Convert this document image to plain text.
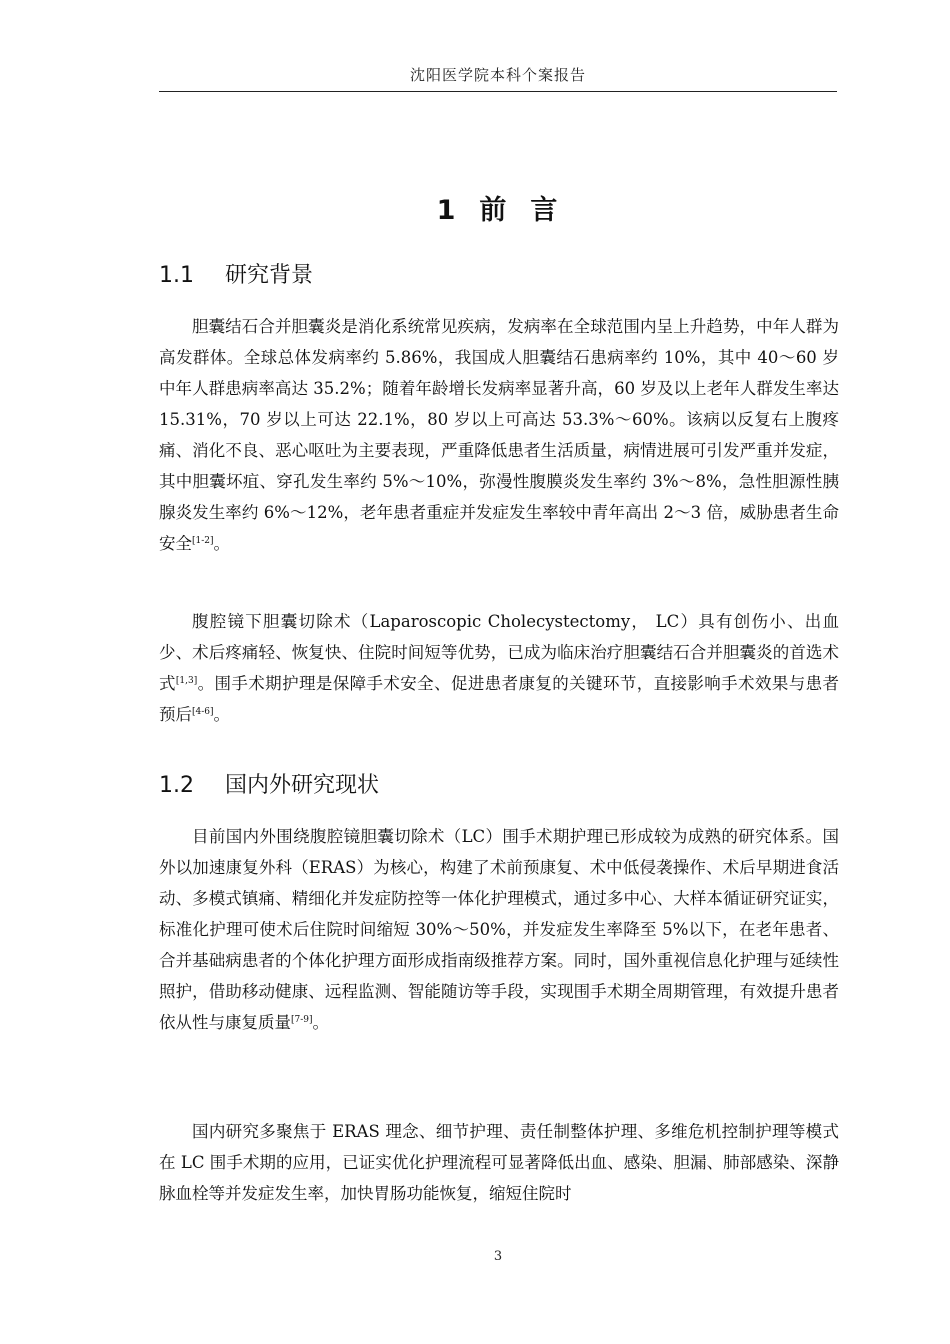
沈阳医学院本科个案报告
1 前 言
1.1 研究背景

胆囊结石合并胆囊炎是消化系统常见疾病，发病率在全球范围内呈上升趋势，中年人群为高发群体。全球总体发病率约 5.86%，我国成人胆囊结石患病率约 10%，其中 40～60 岁中年人群患病率高达 35.2%；随着年龄增长发病率显著升高，60 岁及以上老年人群发生率达 15.31%，70 岁以上可达 22.1%，80 岁以上可高达 53.3%～60%。该病以反复右上腹疼痛、消化不良、恶心呕吐为主要表现，严重降低患者生活质量，病情进展可引发严重并发症，其中胆囊坏疽、穿孔发生率约 5%～10%，弥漫性腹膜炎发生率约 3%～8%，急性胆源性胰腺炎发生率约 6%～12%，老年患者重症并发症发生率较中青年高出 2～3 倍，威胁患者生命安全[1-2]。

腹腔镜下胆囊切除术（Laparoscopic Cholecystectomy， LC）具有创伤小、出血少、术后疼痛轻、恢复快、住院时间短等优势，已成为临床治疗胆囊结石合并胆囊炎的首选术式[1,3]。围手术期护理是保障手术安全、促进患者康复的关键环节，直接影响手术效果与患者预后[4-6]。

1.2 国内外研究现状

目前国内外围绕腹腔镜胆囊切除术（LC）围手术期护理已形成较为成熟的研究体系。国外以加速康复外科（ERAS）为核心，构建了术前预康复、术中低侵袭操作、术后早期进食活动、多模式镇痛、精细化并发症防控等一体化护理模式，通过多中心、大样本循证研究证实，标准化护理可使术后住院时间缩短 30%～50%，并发症发生率降至 5%以下，在老年患者、合并基础病患者的个体化护理方面形成指南级推荐方案。同时，国外重视信息化护理与延续性照护，借助移动健康、远程监测、智能随访等手段，实现围手术期全周期管理，有效提升患者依从性与康复质量[7-9]。

国内研究多聚焦于 ERAS 理念、细节护理、责任制整体护理、多维危机控制护理等模式在 LC 围手术期的应用，已证实优化护理流程可显著降低出血、感染、胆漏、肺部感染、深静脉血栓等并发症发生率，加快胃肠功能恢复，缩短住院时

3
